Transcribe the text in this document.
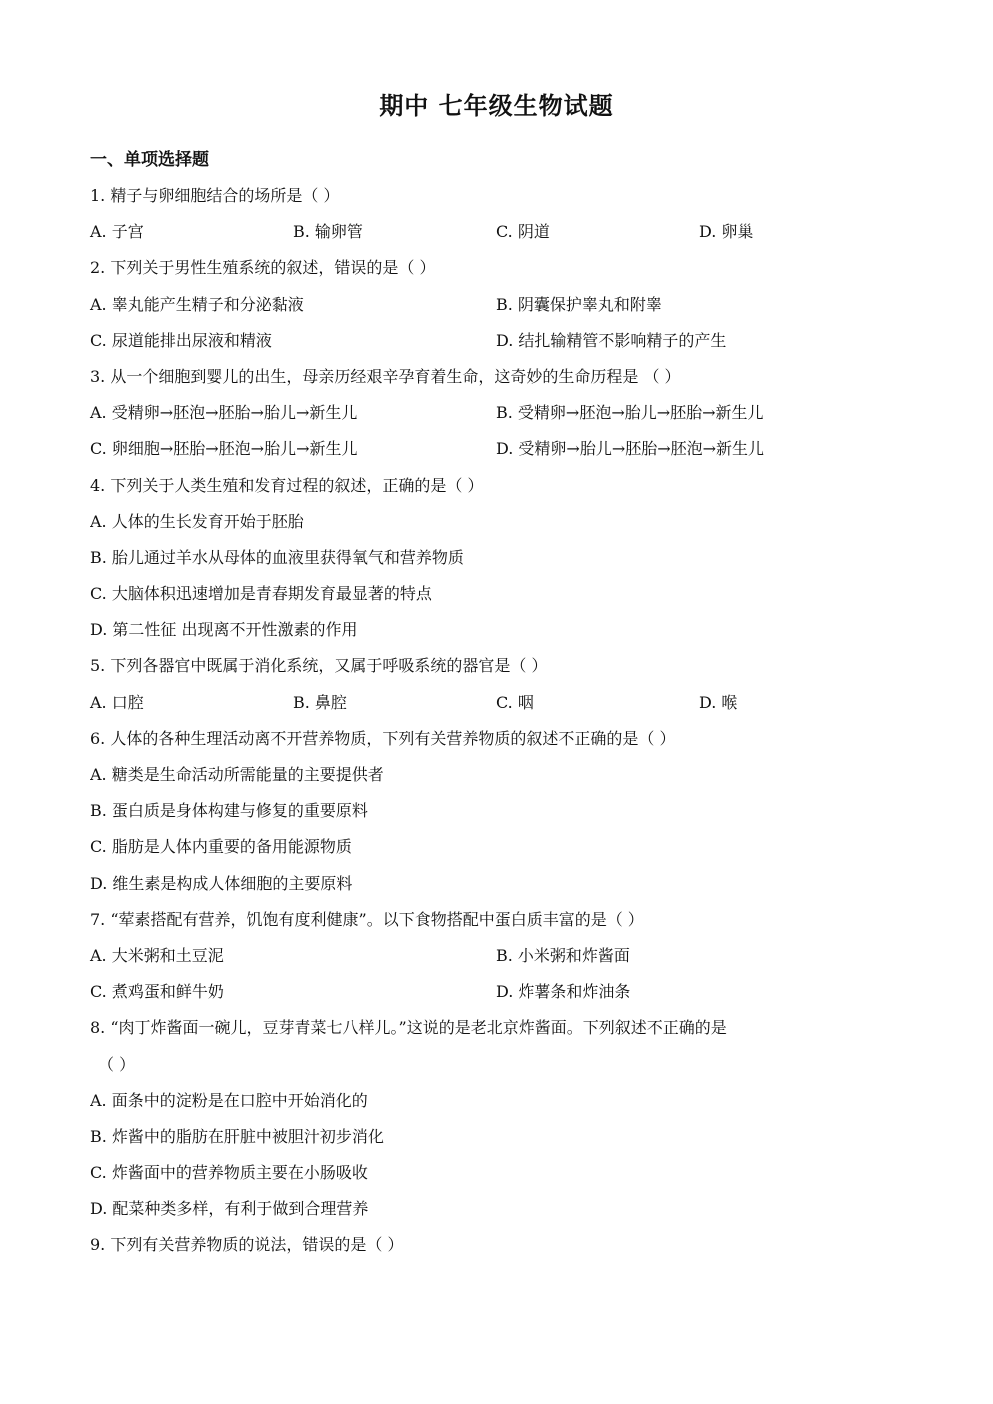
期中 七年级生物试题
一、单项选择题
1. 精子与卵细胞结合的场所是（ ）
A. 子宫	B. 输卵管	C. 阴道	D. 卵巢
2. 下列关于男性生殖系统的叙述，错误的是（ ）
A. 睾丸能产生精子和分泌黏液	B. 阴囊保护睾丸和附睾
C. 尿道能排出尿液和精液	D. 结扎输精管不影响精子的产生
3. 从一个细胞到婴儿的出生，母亲历经艰辛孕育着生命，这奇妙的生命历程是 （ ）
A. 受精卵→胚泡→胚胎→胎儿→新生儿	B. 受精卵→胚泡→胎儿→胚胎→新生儿
C. 卵细胞→胚胎→胚泡→胎儿→新生儿	D. 受精卵→胎儿→胚胎→胚泡→新生儿
4. 下列关于人类生殖和发育过程的叙述，正确的是（ ）
A. 人体的生长发育开始于胚胎
B. 胎儿通过羊水从母体的血液里获得氧气和营养物质
C. 大脑体积迅速增加是青春期发育最显著的特点
D. 第二性征 出现离不开性激素的作用
5. 下列各器官中既属于消化系统，又属于呼吸系统的器官是（ ）
A. 口腔	B. 鼻腔	C. 咽	D. 喉
6. 人体的各种生理活动离不开营养物质，下列有关营养物质的叙述不正确的是（ ）
A. 糖类是生命活动所需能量的主要提供者
B. 蛋白质是身体构建与修复的重要原料
C. 脂肪是人体内重要的备用能源物质
D. 维生素是构成人体细胞的主要原料
7. “荤素搭配有营养，饥饱有度利健康”。以下食物搭配中蛋白质丰富的是（ ）
A. 大米粥和土豆泥	B. 小米粥和炸酱面
C. 煮鸡蛋和鲜牛奶	D. 炸薯条和炸油条
8. “肉丁炸酱面一碗儿，豆芽青菜七八样儿。”这说的是老北京炸酱面。下列叙述不正确的是
（ ）
A. 面条中的淀粉是在口腔中开始消化的
B. 炸酱中的脂肪在肝脏中被胆汁初步消化
C. 炸酱面中的营养物质主要在小肠吸收
D. 配菜种类多样，有利于做到合理营养
9. 下列有关营养物质的说法，错误的是（ ）
